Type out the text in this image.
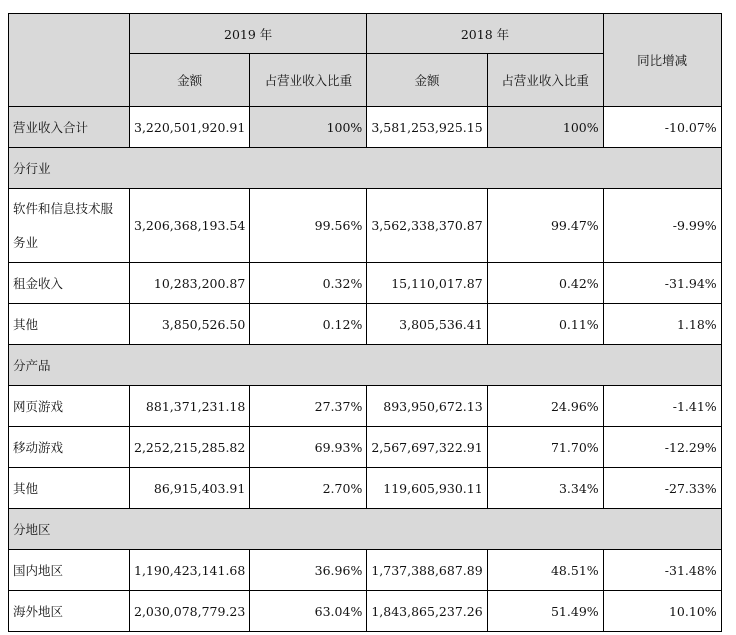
	2019 年		2018 年		同比增减
	金额	占营业收入比重	金额	占营业收入比重	
营业收入合计	3,220,501,920.91	100%	3,581,253,925.15	100%	-10.07%
分行业					
软件和信息技术服务业	3,206,368,193.54	99.56%	3,562,338,370.87	99.47%	-9.99%
租金收入	10,283,200.87	0.32%	15,110,017.87	0.42%	-31.94%
其他	3,850,526.50	0.12%	3,805,536.41	0.11%	1.18%
分产品					
网页游戏	881,371,231.18	27.37%	893,950,672.13	24.96%	-1.41%
移动游戏	2,252,215,285.82	69.93%	2,567,697,322.91	71.70%	-12.29%
其他	86,915,403.91	2.70%	119,605,930.11	3.34%	-27.33%
分地区					
国内地区	1,190,423,141.68	36.96%	1,737,388,687.89	48.51%	-31.48%
海外地区	2,030,078,779.23	63.04%	1,843,865,237.26	51.49%	10.10%
